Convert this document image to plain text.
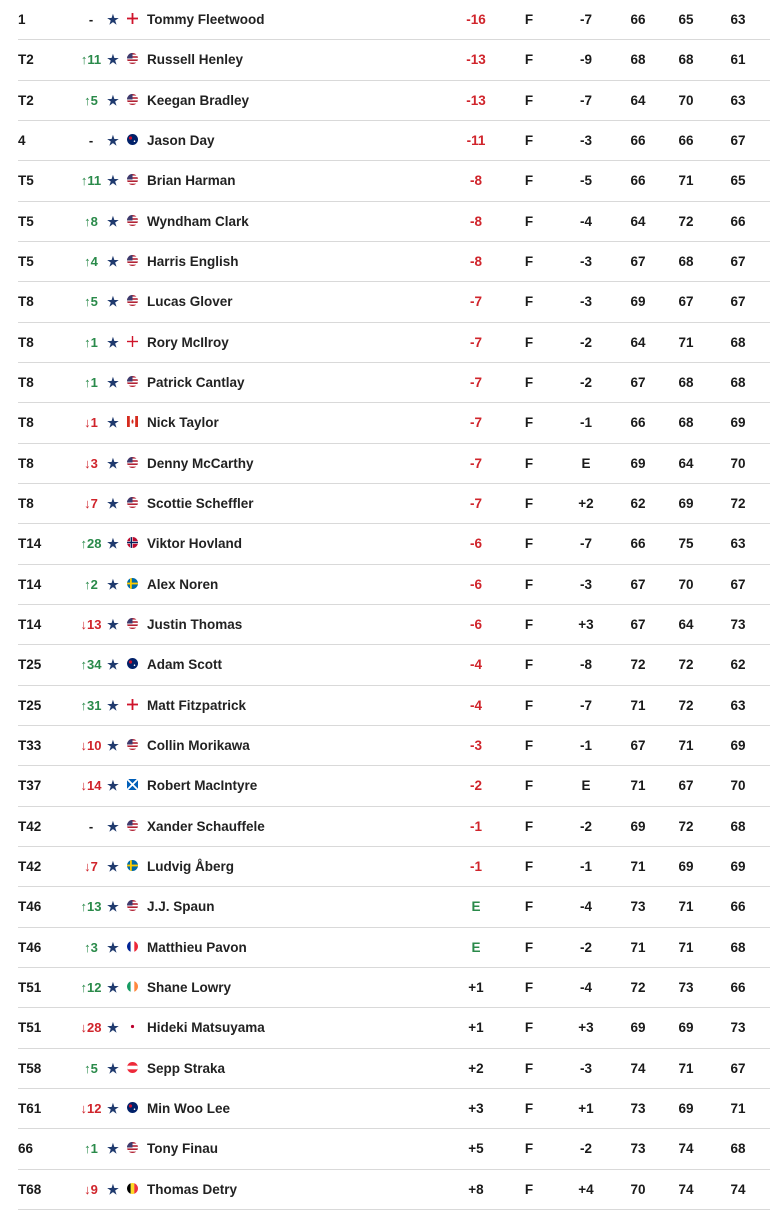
1	-	★ Tommy Fleetwood	-16	F	-7	66	65	63
T2	↑11 ★ Russell Henley	-13	F	-9	68	68	61
T2	↑5 ★ Keegan Bradley	-13	F	-7	64	70	63
4	-	★ Jason Day	-11	F	-3	66	66	67
T5	↑11 ★ Brian Harman	-8	F	-5	66	71	65
T5	↑8 ★ Wyndham Clark	-8	F	-4	64	72	66
T5	↑4 ★ Harris English	-8	F	-3	67	68	67
T8	↑5 ★ Lucas Glover	-7	F	-3	69	67	67
T8	↑1 ★ Rory McIlroy	-7	F	-2	64	71	68
T8	↑1 ★ Patrick Cantlay	-7	F	-2	67	68	68
T8	↓1 ★ Nick Taylor	-7	F	-1	66	68	69
T8	↓3 ★ Denny McCarthy	-7	F	E	69	64	70
T8	↓7 ★ Scottie Scheffler	-7	F	+2	62	69	72
T14	↑28 ★ Viktor Hovland	-6	F	-7	66	75	63
T14	↑2 ★ Alex Noren	-6	F	-3	67	70	67
T14	↓13 ★ Justin Thomas	-6	F	+3	67	64	73
T25	↑34 ★ Adam Scott	-4	F	-8	72	72	62
T25	↑31 ★ Matt Fitzpatrick	-4	F	-7	71	72	63
T33	↓10 ★ Collin Morikawa	-3	F	-1	67	71	69
T37	↓14 ★ Robert MacIntyre	-2	F	E	71	67	70
T42	-	★ Xander Schauffele	-1	F	-2	69	72	68
T42	↓7 ★ Ludvig Åberg	-1	F	-1	71	69	69
T46	↑13 ★ J.J. Spaun	E	F	-4	73	71	66
T46	↑3 ★ Matthieu Pavon	E	F	-2	71	71	68
T51	↑12 ★ Shane Lowry	+1	F	-4	72	73	66
T51	↓28 ★ Hideki Matsuyama	+1	F	+3	69	69	73
T58	↑5 ★ Sepp Straka	+2	F	-3	74	71	67
T61	↓12 ★ Min Woo Lee	+3	F	+1	73	69	71
66	↑1 ★ Tony Finau	+5	F	-2	73	74	68
T68	↓9 ★ Thomas Detry	+8	F	+4	70	74	74
